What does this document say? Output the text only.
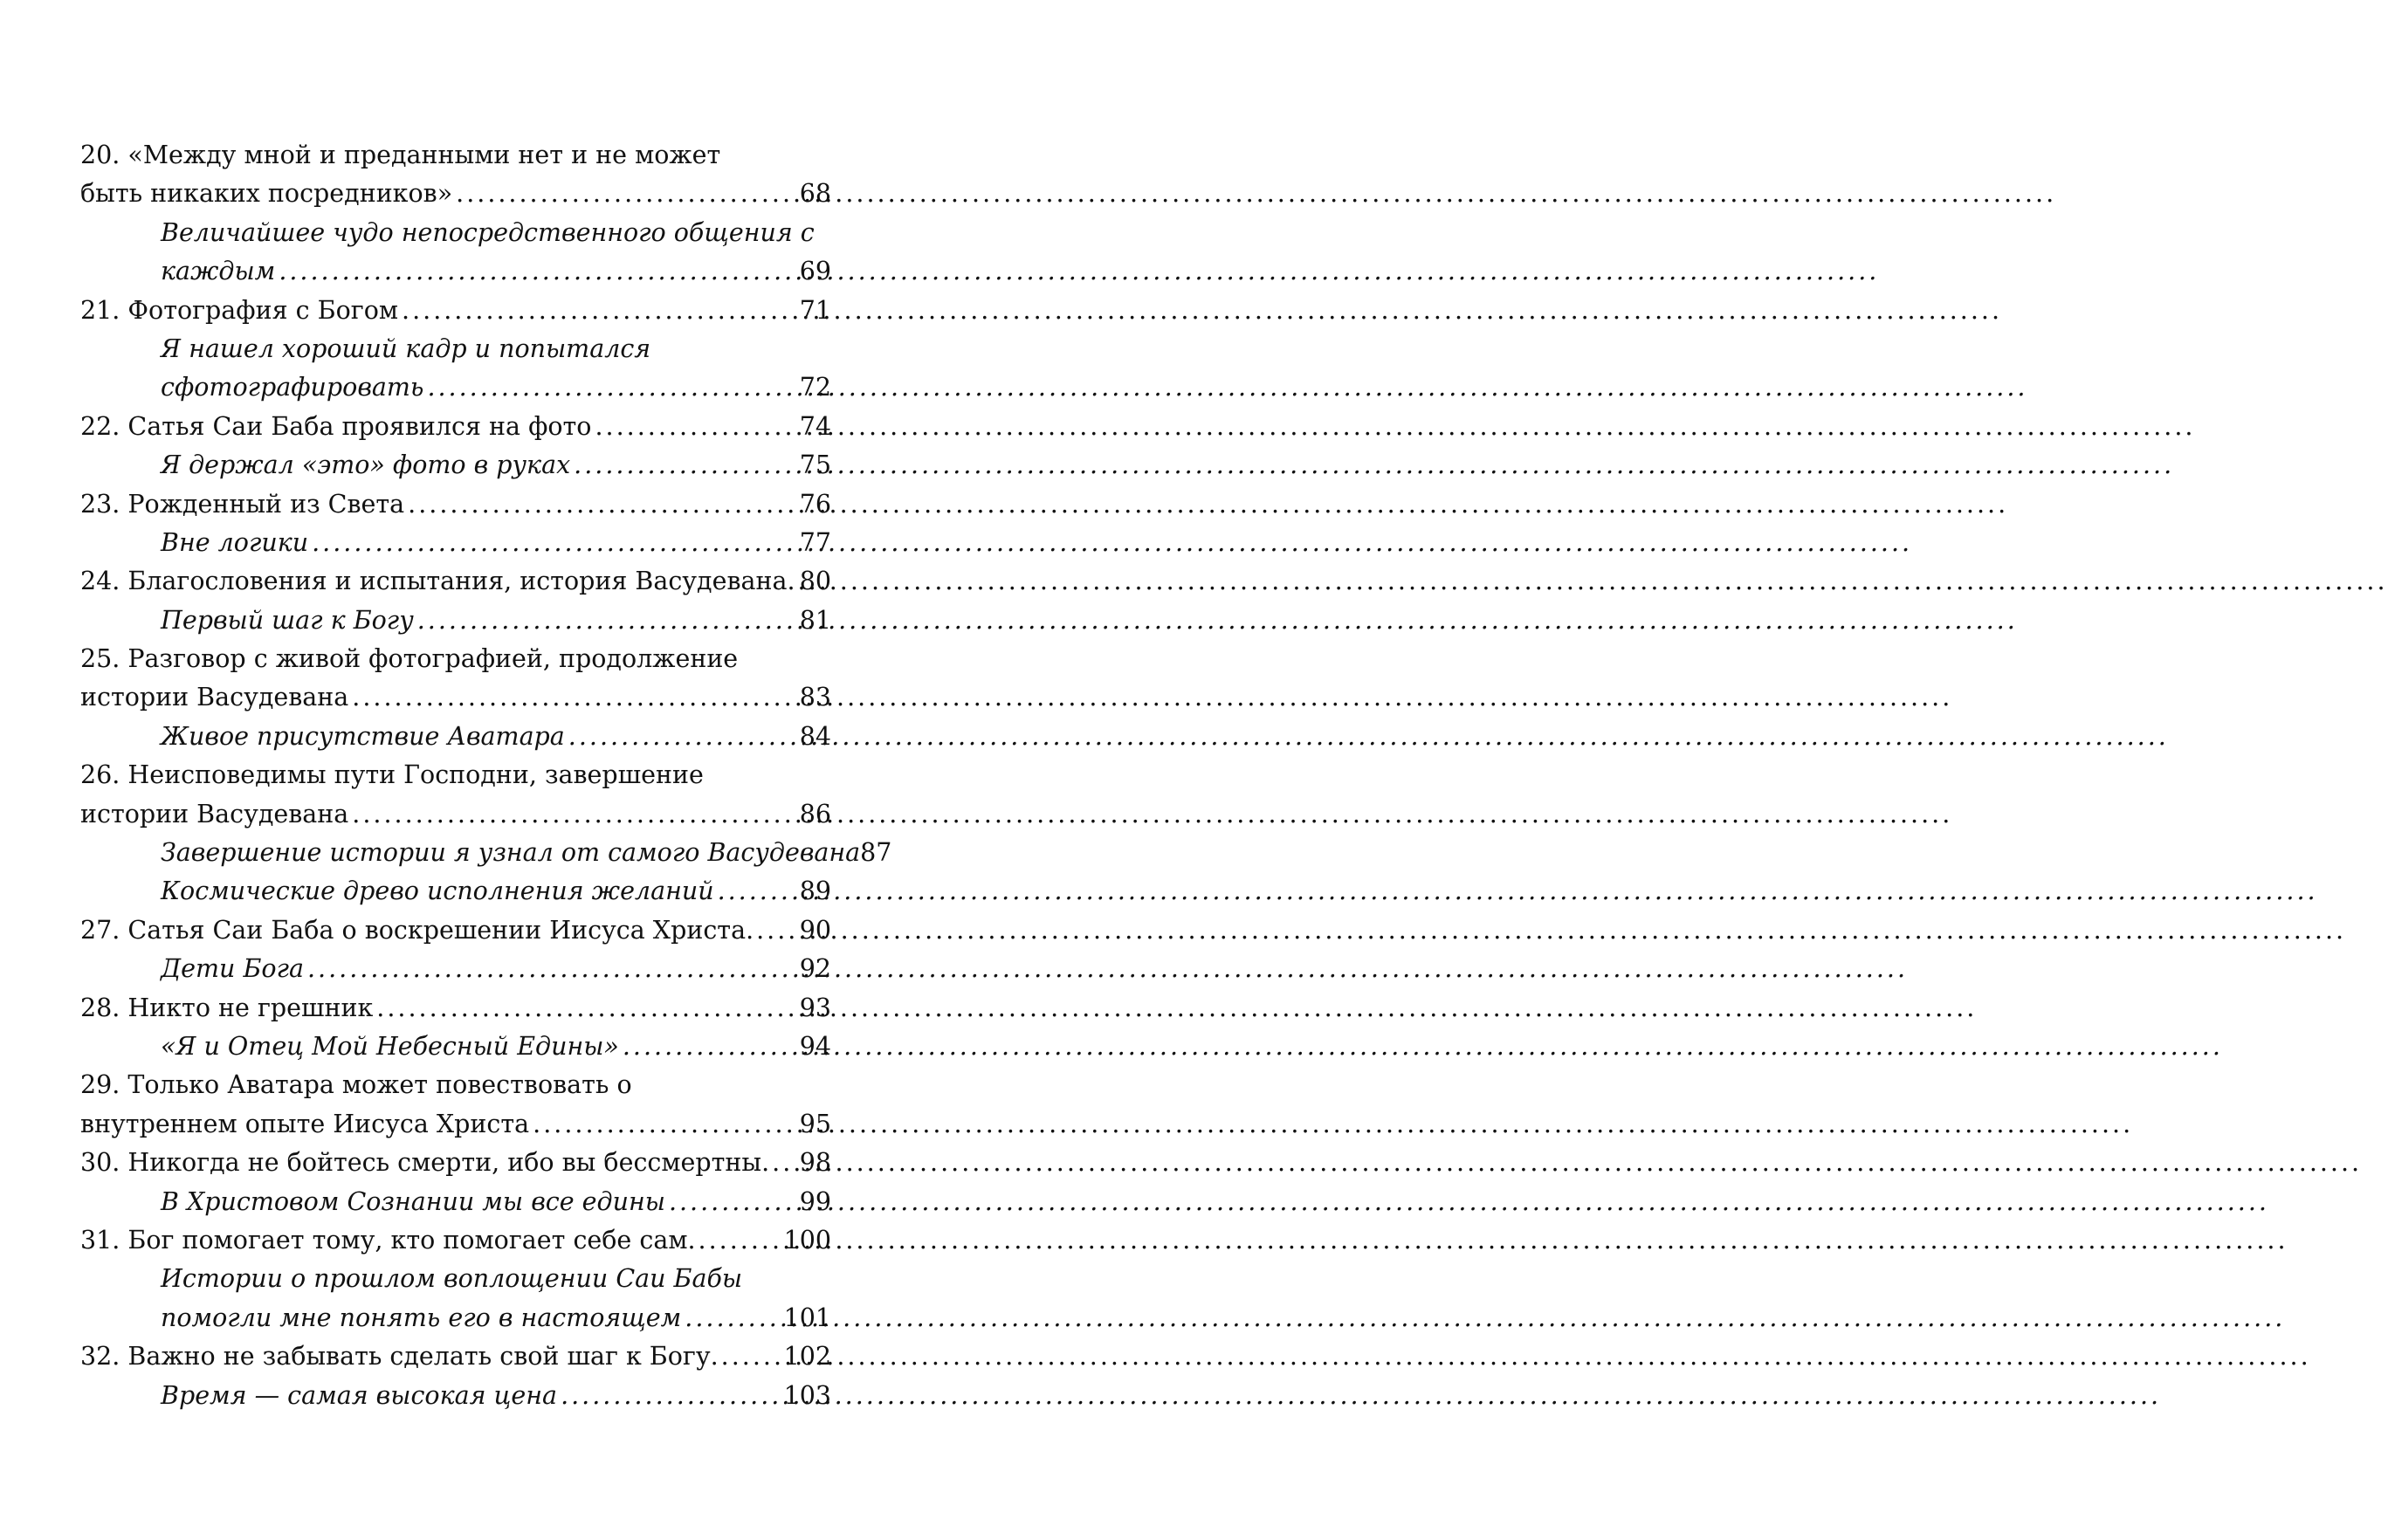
20. «Между мной и преданными нет и не может
быть никаких посредников» .....	68
Величайшее чудо непосредственного общения с
каждым .....	69
21. Фотография с Богом .....	71
Я нашел хороший кадр и попытался
сфотографировать .....	72
22. Сатья Саи Баба проявился на фото .....	74
Я держал «это» фото в руках .....	75
23. Рожденный из Света .....	76
Вне логики .....	77
24. Благословения и испытания, история Васудевана ..... 80
Первый шаг к Богу .....	81
25. Разговор с живой фотографией, продолжение
истории Васудевана .....	83
Живое присутствие Аватара .....	84
26. Неисповедимы пути Господни, завершение
истории Васудевана .....	86
Завершение истории я узнал от самого Васудевана 87
Космические древо исполнения желаний .....	89
27. Сатья Саи Баба о воскрешении Иисуса Христа ..... 90
Дети Бога .....	92
28. Никто не грешник .....	93
«Я и Отец Мой Небесный Едины» .....	94
29. Только Аватара может повествовать о
внутреннем опыте Иисуса Христа .....	95
30. Никогда не бойтесь смерти, ибо вы бессмертны ..... 98
В Христовом Сознании мы все едины .....	99
31. Бог помогает тому, кто помогает себе сам .....	100
Истории о прошлом воплощении Саи Бабы
помогли мне понять его в настоящем .....	101
32. Важно не забывать сделать свой шаг к Богу .....	102
Время — самая высокая цена .....	103
